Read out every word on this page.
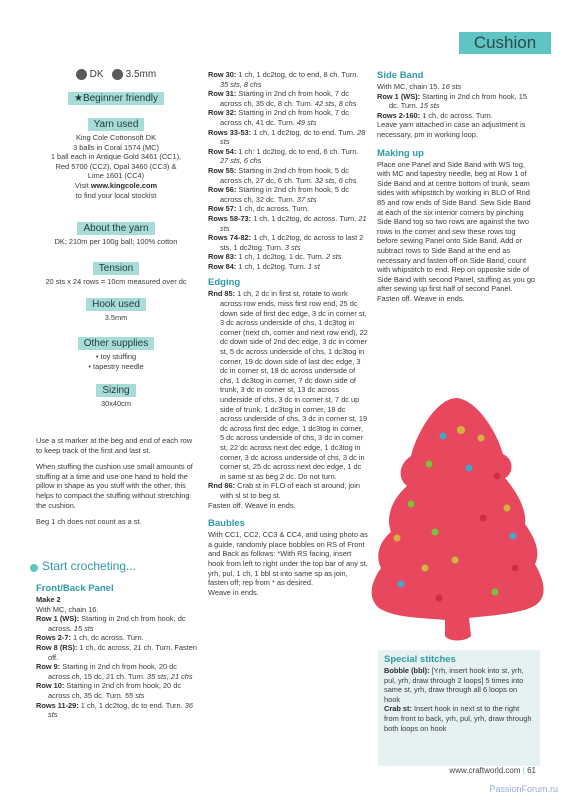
Cushion
DK 3.5mm
★Beginner friendly
Yarn used
King Cole Cottonsoft DK
3 balls in Coral 1574 (MC)
1 ball each in Antique Gold 3461 (CC1),
Red 5700 (CC2), Opal 3460 (CC3) &
Lime 1601 (CC4)
Visit www.kingcole.com
to find your local stockist
About the yarn
DK; 210m per 100g ball; 100% cotton
Tension
20 sts x 24 rows = 10cm measured over dc
Hook used
3.5mm
Other supplies
• toy stuffing
• tapestry needle
Sizing
30x40cm
Use a st marker at the beg and end of each row to keep track of the first and last st.
When stuffing the cushion use small amounts of stuffing at a time and use one hand to hold the pillow in shape as you stuff with the other, this helps to compact the stuffing without stretching the cushion.
Beg 1 ch does not count as a st.
Start crocheting...
Front/Back Panel
Make 2
With MC, chain 16.
Row 1 (WS): Starting in 2nd ch from hook, dc across. 15 sts
Rows 2-7: 1 ch, dc across. Turn.
Row 8 (RS): 1 ch, dc across, 21 ch. Turn. Fasten off.
Row 9: Starting in 2nd ch from hook, 20 dc across ch, 15 dc, 21 ch. Turn. 35 sts, 21 chs
Row 10: Starting in 2nd ch from hook, 20 dc across ch, 35 dc. Turn. 55 sts
Rows 11-29: 1 ch, 1 dc2tog, dc to end. Turn. 36 sts
Row 30: 1 ch, 1 dc2tog, dc to end, 8 ch. Turn. 35 sts, 8 chs
Row 31: Starting in 2nd ch from hook, 7 dc across ch, 35 dc, 8 ch. Turn. 42 sts, 8 chs
Row 32: Starting in 2nd ch from hook, 7 dc across ch, 41 dc. Turn. 49 sts
Rows 33-53: 1 ch, 1 dc2tog, dc to end. Turn. 28 sts
Row 54: 1 ch: 1 dc2tog, dc to end, 6 ch. Turn. 27 sts, 6 chs
Row 55: Starting in 2nd ch from hook, 5 dc across ch, 27 dc, 6 ch. Turn. 32 sts, 6 chs
Row 56: Starting in 2nd ch from hook, 5 dc across ch, 32 dc. Turn. 37 sts
Row 57: 1 ch, dc across. Turn.
Rows 58-73: 1 ch, 1 dc2tog, dc across. Turn. 21 sts
Rows 74-82: 1 ch, 1 dc2tog, dc across to last 2 sts, 1 dc2tog. Turn. 3 sts
Row 83: 1 ch, 1 dc2tog, 1 dc. Turn. 2 sts
Row 84: 1 ch, 1 dc2tog. Turn. 1 st
Edging
Rnd 85: 1 ch, 2 dc in first st, rotate to work across row ends, miss first row end, 25 dc down side of first dec edge, 3 dc in corner st, 3 dc across underside of chs, 1 dc3tog in corner (next ch, corner and next row end), 22 dc down side of 2nd dec edge, 3 dc in corner st, 5 dc across underside of chs, 1 dc3tog in corner, 19 dc down side of last dec edge, 3 dc in corner st, 18 dc across underside of chs, 1 dc3tog in corner, 7 dc down side of trunk, 3 dc in corner st, 13 dc across underside of chs, 3 dc in corner st, 7 dc up side of trunk, 1 dc3tog in corner, 18 dc across underside of chs, 3 dc in corner st, 19 dc across first dec edge, 1 dc3tog in corner, 5 dc across underside of chs, 3 dc in corner st, 22 dc across next dec edge, 1 dc3tog in corner, 3 dc across underside of chs, 3 dc in corner st, 25 dc across next dec edge, 1 dc in same st as beg 2 dc. Do not turn.
Rnd 86: Crab st in FLO of each st around, join with sl st to beg st.
Fasten off. Weave in ends.
Baubles
With CC1, CC2, CC3 & CC4, and using photo as a guide, randomly place bobbles on RS of Front and Back as follows: *With RS facing, insert hook from left to right under the top bar of any st, yrh, pul, 1 ch, 1 bbl st into same sp as join, fasten off; rep from * as desired.
Weave in ends.
Side Band
With MC, chain 15. 16 sts
Row 1 (WS): Starting in 2nd ch from hook, 15 dc. Turn. 15 sts
Rows 2-160: 1 ch, dc across. Turn.
Leave yarn attached in case an adjustment is necessary, pm in working loop.
Making up
Place one Panel and Side Band with WS tog, with MC and tapestry needle, beg at Row 1 of Side Band and at centre bottom of trunk, seam sides with whipstitch by working in BLO of Rnd 85 and row ends of Side Band. Sew Side Band at each of the six interior corners by pinching Side Band tog so two rows are against the two rows in the corner and sew these rows tog before sewing Panel onto Side Band. Add or subtract rows to Side Band at the end as necessary and fasten off on Side Band, count with whipstitch to end. Rep on opposite side of Side Band with second Panel, stuffing as you go after sewing up first half of second Panel.
Fasten off. Weave in ends.
Special stitches
Bobble (bbl): [Yrh, insert hook into st, yrh, pul, yrh, draw through 2 loops] 5 times into same st, yrh, draw through all 6 loops on hook
Crab st: Insert hook in next st to the right from front to back, yrh, pul, yrh, draw through both loops on hook
www.craftworld.com | 61
PassionForum.ru
